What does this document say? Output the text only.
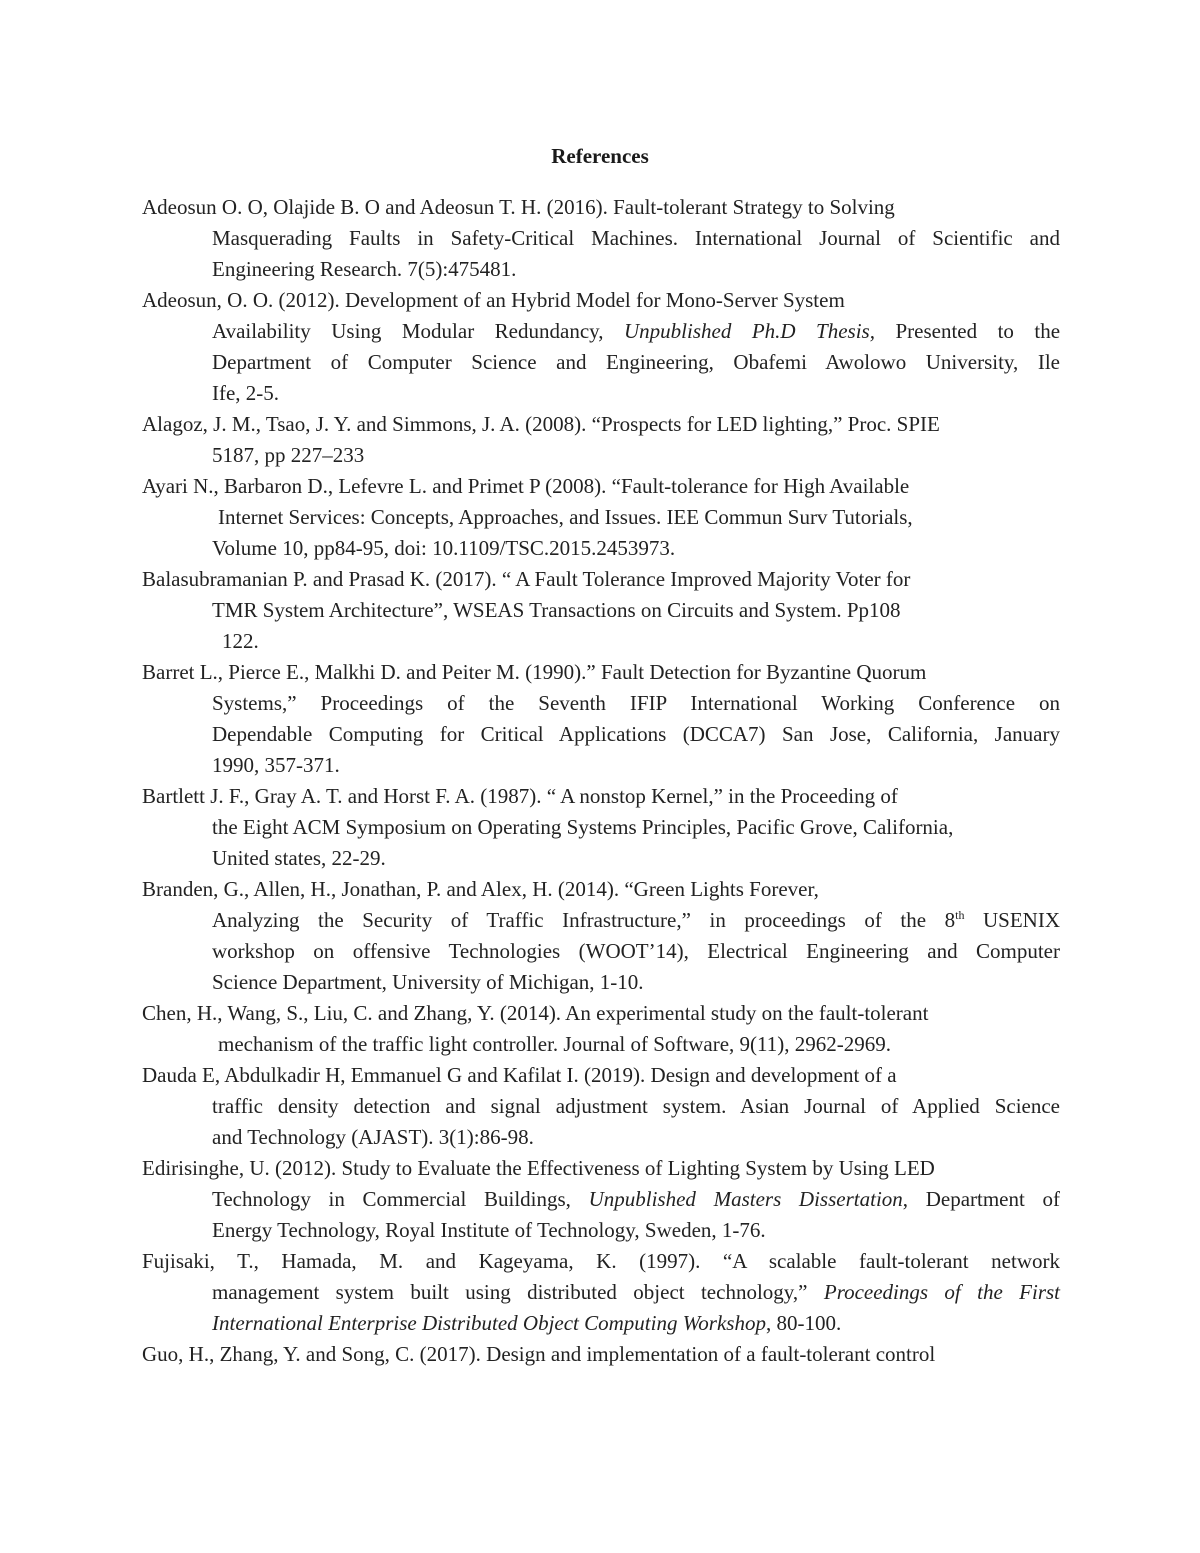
References

Adeosun O. O, Olajide B. O and Adeosun T. H. (2016). Fault-tolerant Strategy to Solving
Masquerading Faults in Safety-Critical Machines. International Journal of Scientific and
Engineering Research. 7(5):475481.

Adeosun, O. O. (2012). Development of an Hybrid Model for Mono-Server System
Availability Using Modular Redundancy, Unpublished Ph.D Thesis, Presented to the
Department of Computer Science and Engineering, Obafemi Awolowo University, Ile
Ife, 2-5.

Alagoz, J. M., Tsao, J. Y. and Simmons, J. A. (2008). “Prospects for LED lighting,” Proc. SPIE
5187, pp 227–233

Ayari N., Barbaron D., Lefevre L. and Primet P (2008). “Fault-tolerance for High Available
Internet Services: Concepts, Approaches, and Issues. IEE Commun Surv Tutorials,
Volume 10, pp84-95, doi: 10.1109/TSC.2015.2453973.

Balasubramanian P. and Prasad K. (2017). “ A Fault Tolerance Improved Majority Voter for
TMR System Architecture”, WSEAS Transactions on Circuits and System. Pp108
122.

Barret L., Pierce E., Malkhi D. and Peiter M. (1990).” Fault Detection for Byzantine Quorum
Systems,” Proceedings of the Seventh IFIP International Working Conference on
Dependable Computing for Critical Applications (DCCA7) San Jose, California, January
1990, 357-371.

Bartlett J. F., Gray A. T. and Horst F. A. (1987). “ A nonstop Kernel,” in the Proceeding of
the Eight ACM Symposium on Operating Systems Principles, Pacific Grove, California,
United states, 22-29.

Branden, G., Allen, H., Jonathan, P. and Alex, H. (2014). “Green Lights Forever,
Analyzing the Security of Traffic Infrastructure,” in proceedings of the 8th USENIX
workshop on offensive Technologies (WOOT’14), Electrical Engineering and Computer
Science Department, University of Michigan, 1-10.

Chen, H., Wang, S., Liu, C. and Zhang, Y. (2014). An experimental study on the fault-tolerant
mechanism of the traffic light controller. Journal of Software, 9(11), 2962-2969.

Dauda E, Abdulkadir H, Emmanuel G and Kafilat I. (2019). Design and development of a
traffic density detection and signal adjustment system. Asian Journal of Applied Science
and Technology (AJAST). 3(1):86-98.

Edirisinghe, U. (2012). Study to Evaluate the Effectiveness of Lighting System by Using LED
Technology in Commercial Buildings, Unpublished Masters Dissertation, Department of
Energy Technology, Royal Institute of Technology, Sweden, 1-76.

Fujisaki, T., Hamada, M. and Kageyama, K. (1997). “A scalable fault-tolerant network
management system built using distributed object technology,” Proceedings of the First
International Enterprise Distributed Object Computing Workshop, 80-100.

Guo, H., Zhang, Y. and Song, C. (2017). Design and implementation of a fault-tolerant control
